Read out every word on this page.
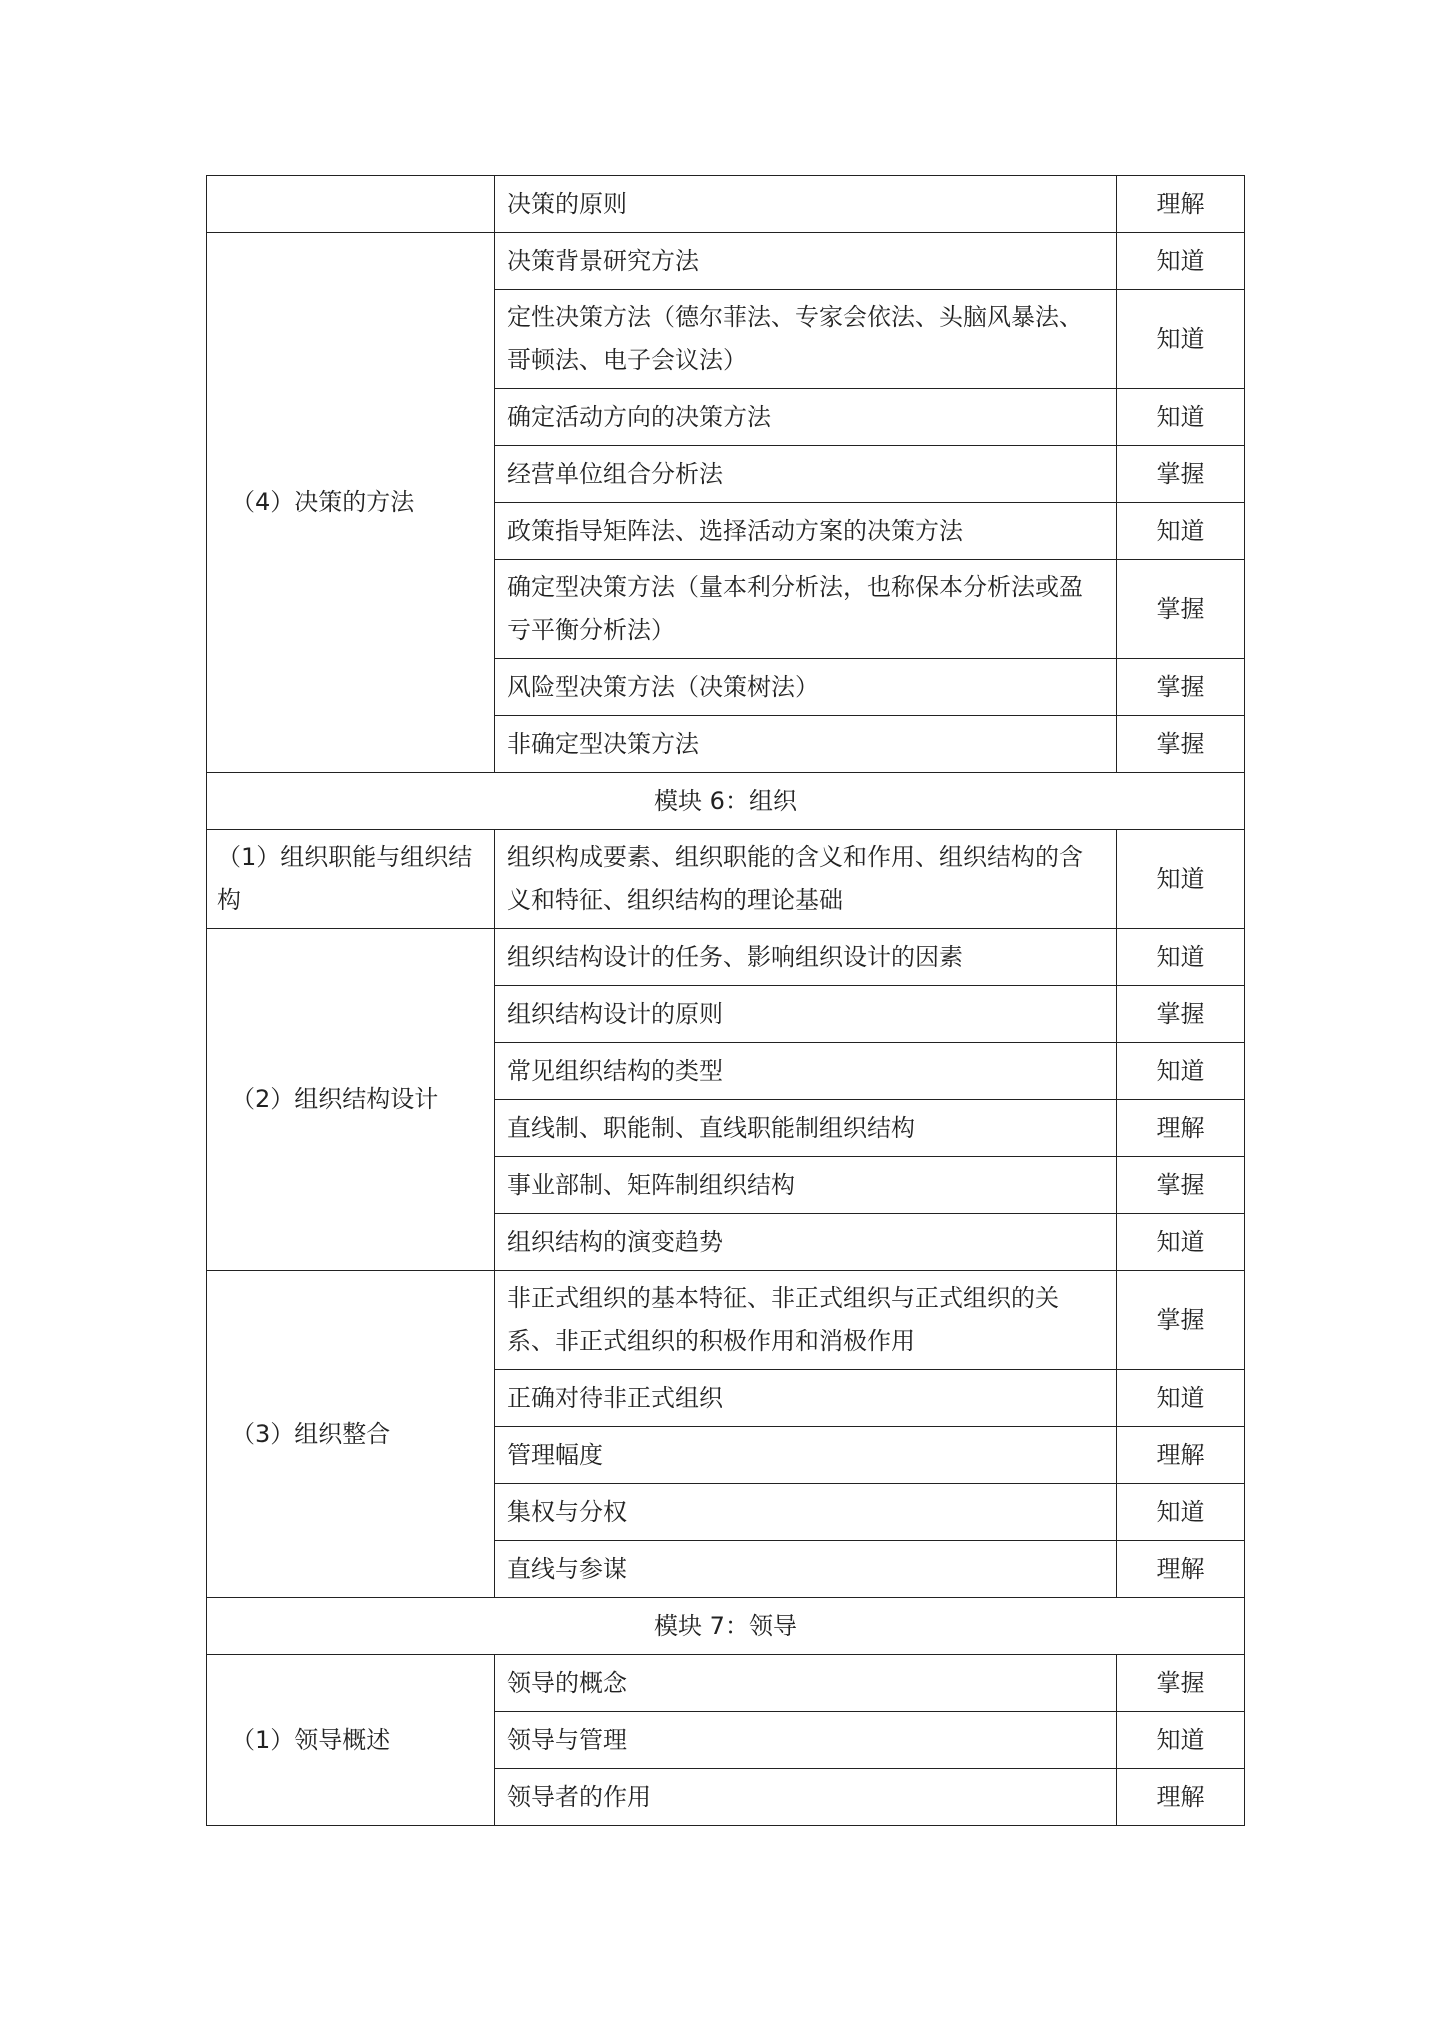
	决策的原则	理解
（4）决策的方法	决策背景研究方法	知道
	定性决策方法（德尔菲法、专家会依法、头脑风暴法、哥顿法、电子会议法）	知道
	确定活动方向的决策方法	知道
	经营单位组合分析法	掌握
	政策指导矩阵法、选择活动方案的决策方法	知道
	确定型决策方法（量本利分析法，也称保本分析法或盈亏平衡分析法）	掌握
	风险型决策方法（决策树法）	掌握
	非确定型决策方法	掌握
模块 6：组织		
（1）组织职能与组织结构	组织构成要素、组织职能的含义和作用、组织结构的含义和特征、组织结构的理论基础	知道
（2）组织结构设计	组织结构设计的任务、影响组织设计的因素	知道
	组织结构设计的原则	掌握
	常见组织结构的类型	知道
	直线制、职能制、直线职能制组织结构	理解
	事业部制、矩阵制组织结构	掌握
	组织结构的演变趋势	知道
（3）组织整合	非正式组织的基本特征、非正式组织与正式组织的关系、非正式组织的积极作用和消极作用	掌握
	正确对待非正式组织	知道
	管理幅度	理解
	集权与分权	知道
	直线与参谋	理解
模块 7：领导		
（1）领导概述	领导的概念	掌握
	领导与管理	知道
	领导者的作用	理解
